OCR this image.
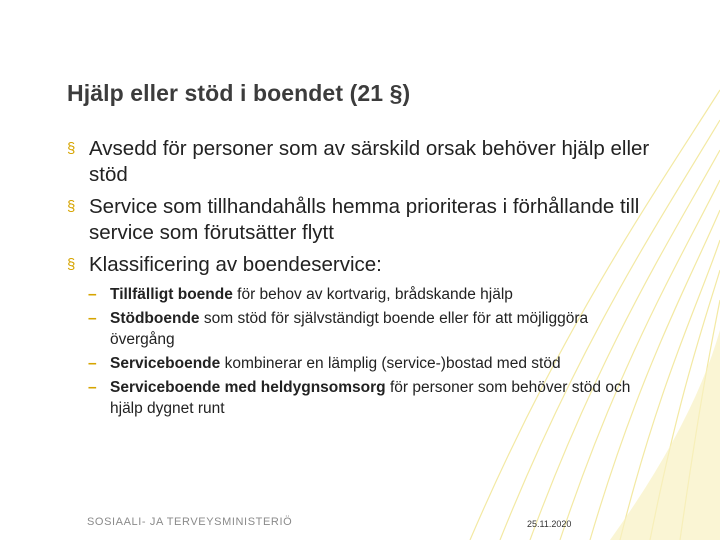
Hjälp eller stöd i boendet (21 §)
§ Avsedd för personer som av särskild orsak behöver hjälp eller stöd
§ Service som tillhandahålls hemma prioriteras i förhållande till service som förutsätter flytt
§ Klassificering av boendeservice:
– Tillfälligt boende för behov av kortvarig, brådskande hjälp
– Stödboende som stöd för självständigt boende eller för att möjliggöra övergång
– Serviceboende kombinerar en lämplig (service-)bostad med stöd
– Serviceboende med heldygnsomsorg för personer som behöver stöd och hjälp dygnet runt
SOSIAALI- JA TERVEYSMINISTERIÖ	25.11.2020
